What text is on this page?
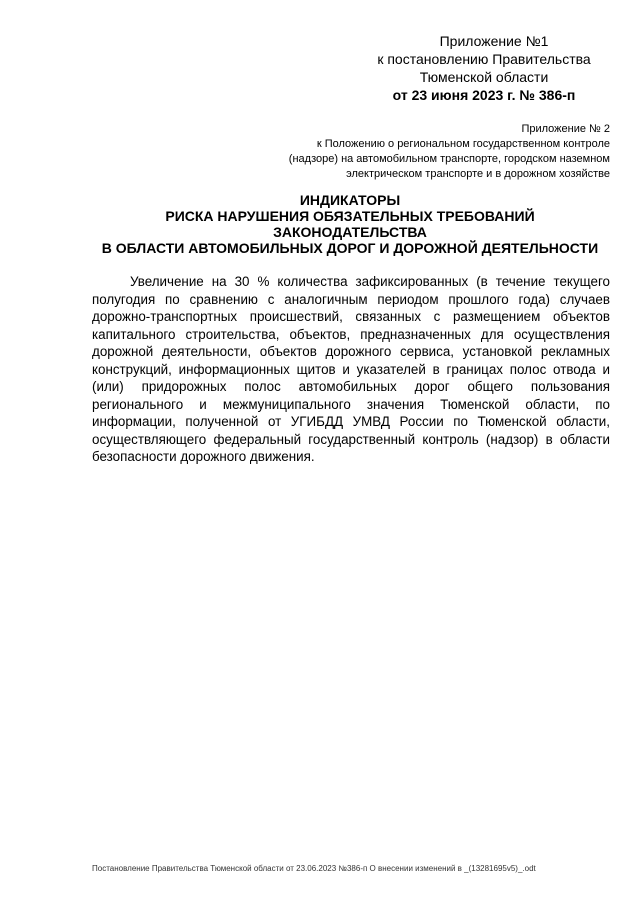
Приложение №1
к постановлению Правительства
Тюменской области
от 23 июня 2023 г. № 386-п
Приложение № 2
к Положению о региональном государственном контроле
(надзоре) на автомобильном транспорте, городском наземном
электрическом транспорте и в дорожном хозяйстве
ИНДИКАТОРЫ
РИСКА НАРУШЕНИЯ ОБЯЗАТЕЛЬНЫХ ТРЕБОВАНИЙ
ЗАКОНОДАТЕЛЬСТВА
В ОБЛАСТИ АВТОМОБИЛЬНЫХ ДОРОГ И ДОРОЖНОЙ ДЕЯТЕЛЬНОСТИ

Увеличение на 30 % количества зафиксированных (в течение текущего полугодия по сравнению с аналогичным периодом прошлого года) случаев дорожно-транспортных происшествий, связанных с размещением объектов капитального строительства, объектов, предназначенных для осуществления дорожной деятельности, объектов дорожного сервиса, установкой рекламных конструкций, информационных щитов и указателей в границах полос отвода и (или) придорожных полос автомобильных дорог общего пользования регионального и межмуниципального значения Тюменской области, по информации, полученной от УГИБДД УМВД России по Тюменской области, осуществляющего федеральный государственный контроль (надзор) в области безопасности дорожного движения.

Постановление Правительства Тюменской области от 23.06.2023 №386-п О внесении изменений в _(13281695v5)_.odt
